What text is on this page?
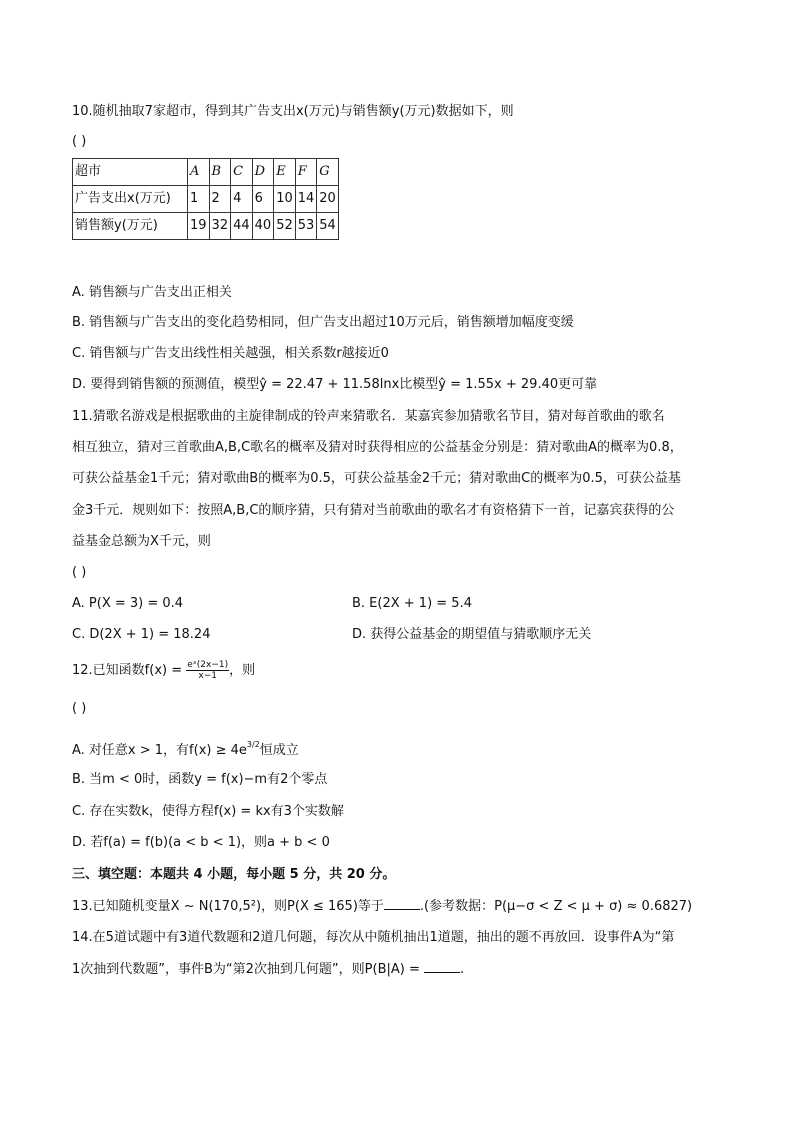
10.随机抽取7家超市，得到其广告支出x(万元)与销售额y(万元)数据如下，则
( )
超市	A	B	C	D	E	F	G
广告支出x(万元)	1	2	4	6	10	14	20
销售额y(万元)	19	32	44	40	52	53	54
A. 销售额与广告支出正相关
B. 销售额与广告支出的变化趋势相同，但广告支出超过10万元后，销售额增加幅度变缓
C. 销售额与广告支出线性相关越强，相关系数r越接近0
D. 要得到销售额的预测值，模型ŷ = 22.47 + 11.58lnx比模型ŷ = 1.55x + 29.40更可靠
11.猜歌名游戏是根据歌曲的主旋律制成的铃声来猜歌名．某嘉宾参加猜歌名节目，猜对每首歌曲的歌名
相互独立，猜对三首歌曲A,B,C歌名的概率及猜对时获得相应的公益基金分别是：猜对歌曲A的概率为0.8，
可获公益基金1千元；猜对歌曲B的概率为0.5，可获公益基金2千元；猜对歌曲C的概率为0.5，可获公益基
金3千元．规则如下：按照A,B,C的顺序猜，只有猜对当前歌曲的歌名才有资格猜下一首，记嘉宾获得的公
益基金总额为X千元，则
( )
A. P(X = 3) = 0.4	B. E(2X + 1) = 5.4
C. D(2X + 1) = 18.24	D. 获得公益基金的期望值与猜歌顺序无关
12.已知函数$f(x) = \frac{\text{eˣ(2x−1)}}{x-1}$ ，则
( )
A. 对任意x > 1，有$f(x) \ge 4e^{3/2}$恒成立
B. 当m < 0时，函数y = f(x)−m有2个零点
C. 存在实数k，使得方程f(x) = kx有3个实数解
D. 若f(a) = f(b)(a < b < 1)，则a + b < 0
三、填空题：本题共 4 小题，每小题 5 分，共 20 分。
13.已知随机变量X ~ N(170,5²)，则P(X ≤ 165)等于	.(参考数据：P(μ−σ < Z < μ + σ) ≈ 0.6827)
14.在5道试题中有3道代数题和2道几何题，每次从中随机抽出1道题，抽出的题不再放回．设事件A为“第
1次抽到代数题”，事件B为“第2次抽到几何题”，则P(B|A) =	.
